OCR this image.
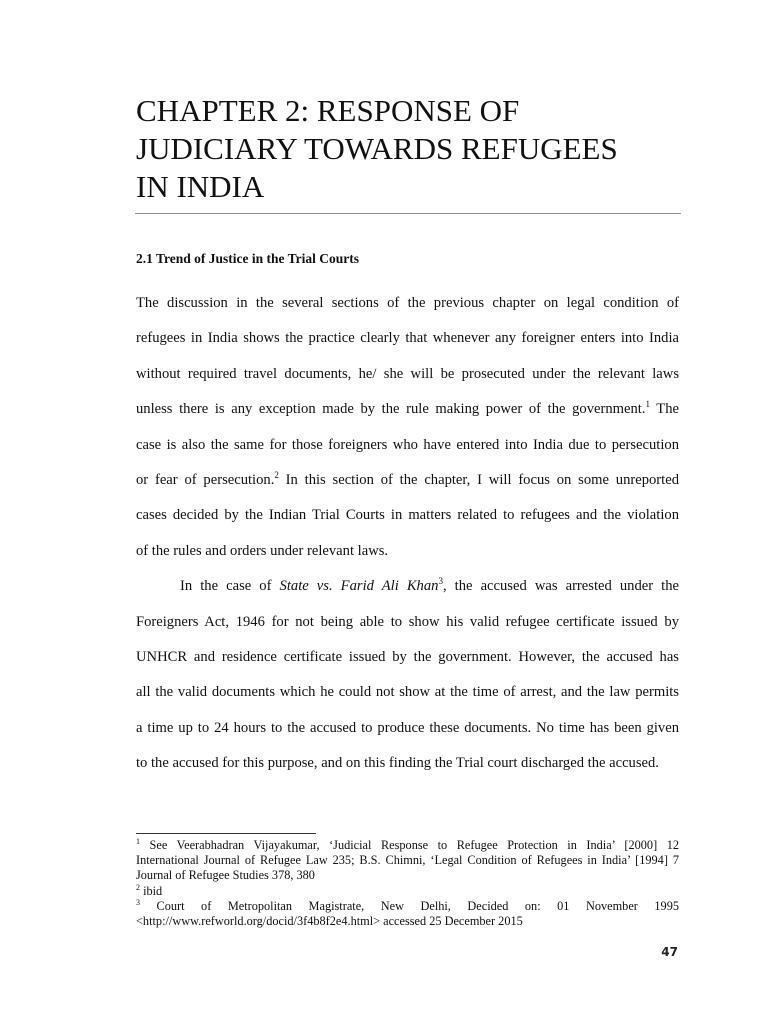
CHAPTER 2: RESPONSE OF
JUDICIARY TOWARDS REFUGEES
IN INDIA
2.1 Trend of Justice in the Trial Courts

The discussion in the several sections of the previous chapter on legal condition of
refugees in India shows the practice clearly that whenever any foreigner enters into India
without required travel documents, he/ she will be prosecuted under the relevant laws
unless there is any exception made by the rule making power of the government.$^1$ The
case is also the same for those foreigners who have entered into India due to persecution
or fear of persecution.$^2$ In this section of the chapter, I will focus on some unreported
cases decided by the Indian Trial Courts in matters related to refugees and the violation
of the rules and orders under relevant laws.

In the case of State vs. Farid Ali Khan$^3$, the accused was arrested under the
Foreigners Act, 1946 for not being able to show his valid refugee certificate issued by
UNHCR and residence certificate issued by the government. However, the accused has
all the valid documents which he could not show at the time of arrest, and the law permits
a time up to 24 hours to the accused to produce these documents. No time has been given
to the accused for this purpose, and on this finding the Trial court discharged the accused.

$^1$ See Veerabhadran Vijayakumar, ‘Judicial Response to Refugee Protection in India’ [2000] 12
International Journal of Refugee Law 235; B.S. Chimni, ‘Legal Condition of Refugees in India’ [1994] 7
Journal of Refugee Studies 378, 380
$^2$ ibid
$^3$ Court of Metropolitan Magistrate, New Delhi, Decided on: 01 November 1995
<http://www.refworld.org/docid/3f4b8f2e4.html> accessed 25 December 2015
47
